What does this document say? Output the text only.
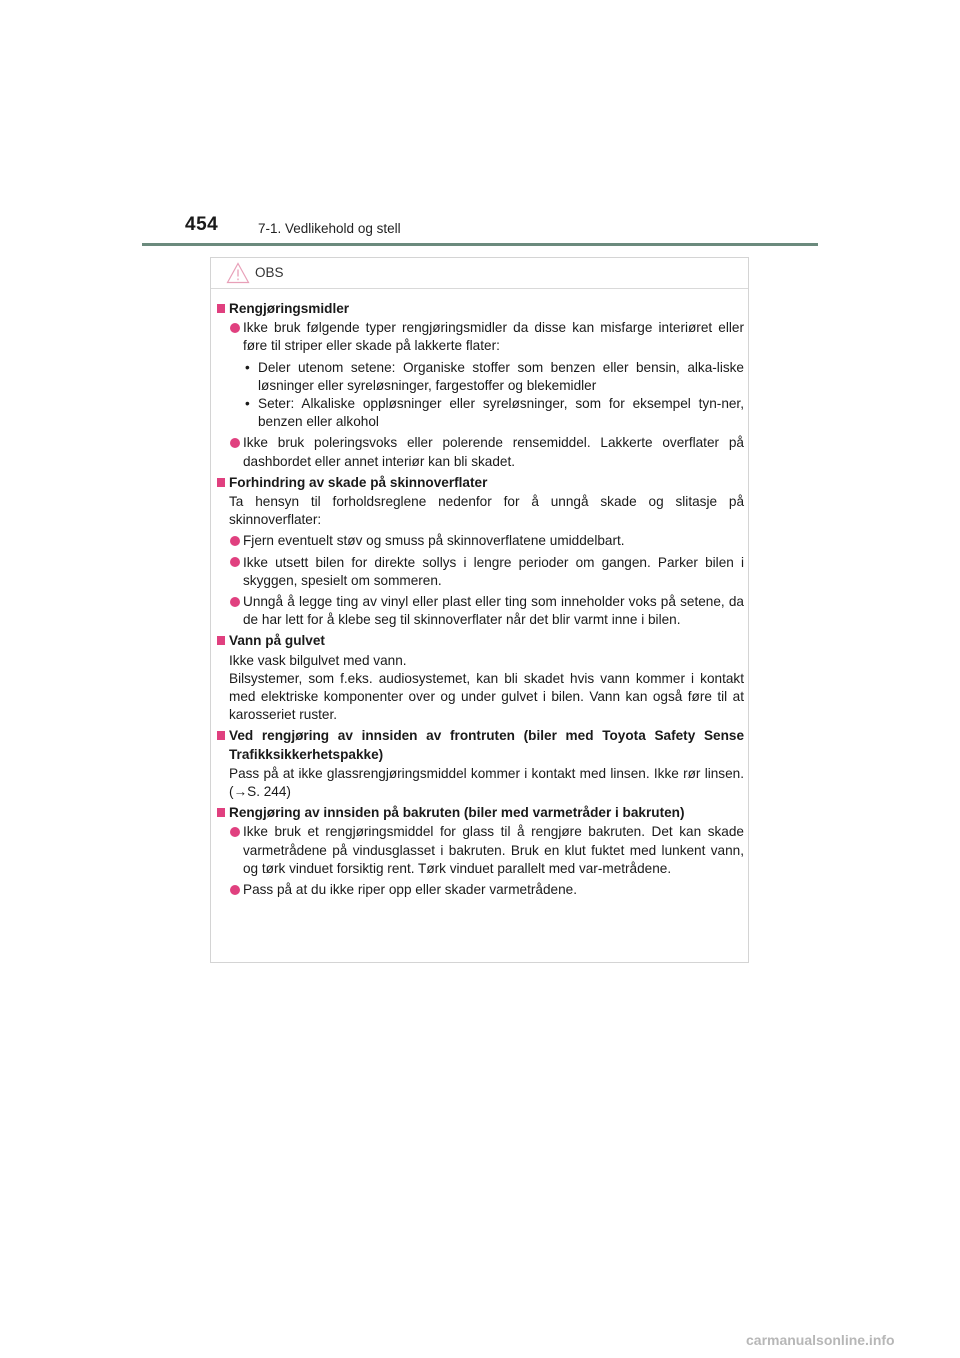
454	7-1. Vedlikehold og stell
OBS
Rengjøringsmidler
Ikke bruk følgende typer rengjøringsmidler da disse kan misfarge interiøret eller føre til striper eller skade på lakkerte flater:
• Deler utenom setene: Organiske stoffer som benzen eller bensin, alka-liske løsninger eller syreløsninger, fargestoffer og blekemidler
• Seter: Alkaliske oppløsninger eller syreløsninger, som for eksempel tyn-ner, benzen eller alkohol
Ikke bruk poleringsvoks eller polerende rensemiddel. Lakkerte overflater på dashbordet eller annet interiør kan bli skadet.
Forhindring av skade på skinnoverflater
Ta hensyn til forholdsreglene nedenfor for å unngå skade og slitasje på skinnoverflater:
Fjern eventuelt støv og smuss på skinnoverflatene umiddelbart.
Ikke utsett bilen for direkte sollys i lengre perioder om gangen. Parker bilen i skyggen, spesielt om sommeren.
Unngå å legge ting av vinyl eller plast eller ting som inneholder voks på setene, da de har lett for å klebe seg til skinnoverflater når det blir varmt inne i bilen.
Vann på gulvet
Ikke vask bilgulvet med vann.
Bilsystemer, som f.eks. audiosystemet, kan bli skadet hvis vann kommer i kontakt med elektriske komponenter over og under gulvet i bilen. Vann kan også føre til at karosseriet ruster.
Ved rengjøring av innsiden av frontruten (biler med Toyota Safety Sense Trafikksikkerhetspakke)
Pass på at ikke glassrengjøringsmiddel kommer i kontakt med linsen. Ikke rør linsen. (→S. 244)
Rengjøring av innsiden på bakruten (biler med varmetråder i bakruten)
Ikke bruk et rengjøringsmiddel for glass til å rengjøre bakruten. Det kan skade varmetrådene på vindusglasset i bakruten. Bruk en klut fuktet med lunkent vann, og tørk vinduet forsiktig rent. Tørk vinduet parallelt med var-metrådene.
Pass på at du ikke riper opp eller skader varmetrådene.
carmanualsonline.info
